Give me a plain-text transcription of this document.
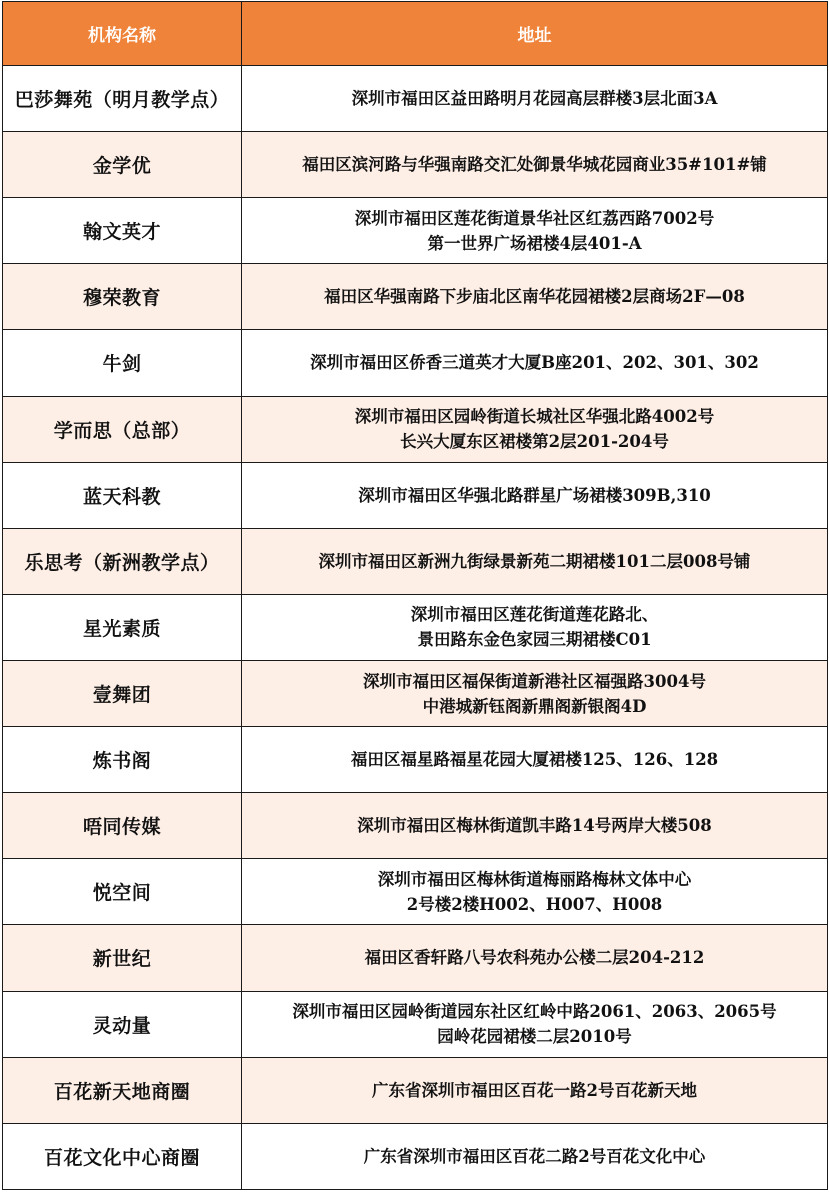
机构名称	地址
巴莎舞苑（明月教学点）	深圳市福田区益田路明月花园高层群楼3层北面3A

金学优	福田区滨河路与华强南路交汇处御景华城花园商业35#101#铺

翰文英才	深圳市福田区莲花街道景华社区红荔西路7002号
第一世界广场裙楼4层401-A

穆荣教育	福田区华强南路下步庙北区南华花园裙楼2层商场2F—08

牛剑	深圳市福田区侨香三道英才大厦B座201、202、301、302

学而思（总部）	深圳市福田区园岭街道长城社区华强北路4002号
长兴大厦东区裙楼第2层201-204号

蓝天科教	深圳市福田区华强北路群星广场裙楼309B,310

乐思考（新洲教学点）	深圳市福田区新洲九街绿景新苑二期裙楼101二层008号铺

星光素质	深圳市福田区莲花街道莲花路北、
景田路东金色家园三期裙楼C01

壹舞团	深圳市福田区福保街道新港社区福强路3004号
中港城新钰阁新鼎阁新银阁4D

炼书阁	福田区福星路福星花园大厦裙楼125、126、128

唔同传媒	深圳市福田区梅林街道凯丰路14号两岸大楼508

悦空间	深圳市福田区梅林街道梅丽路梅林文体中心
2号楼2楼H002、H007、H008

新世纪	福田区香轩路八号农科苑办公楼二层204-212

灵动量	深圳市福田区园岭街道园东社区红岭中路2061、2063、2065号
园岭花园裙楼二层2010号

百花新天地商圈	广东省深圳市福田区百花一路2号百花新天地

百花文化中心商圈	广东省深圳市福田区百花二路2号百花文化中心
